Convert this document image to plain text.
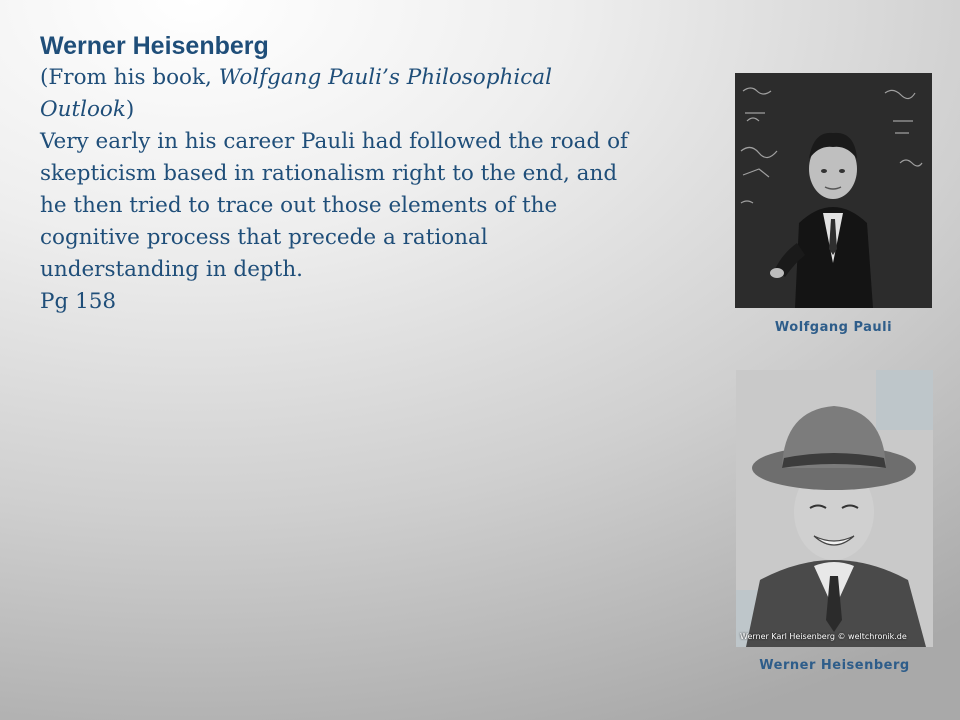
Werner Heisenberg

(From his book, Wolfgang Pauli’s Philosophical Outlook)
Very early in his career Pauli had followed the road of skepticism based in rationalism right to the end, and he then tried to trace out those elements of the cognitive process that precede a rational understanding in depth.
Pg 158

Wolfgang Pauli
Werner Karl Heisenberg © weltchronik.de
Werner Heisenberg
